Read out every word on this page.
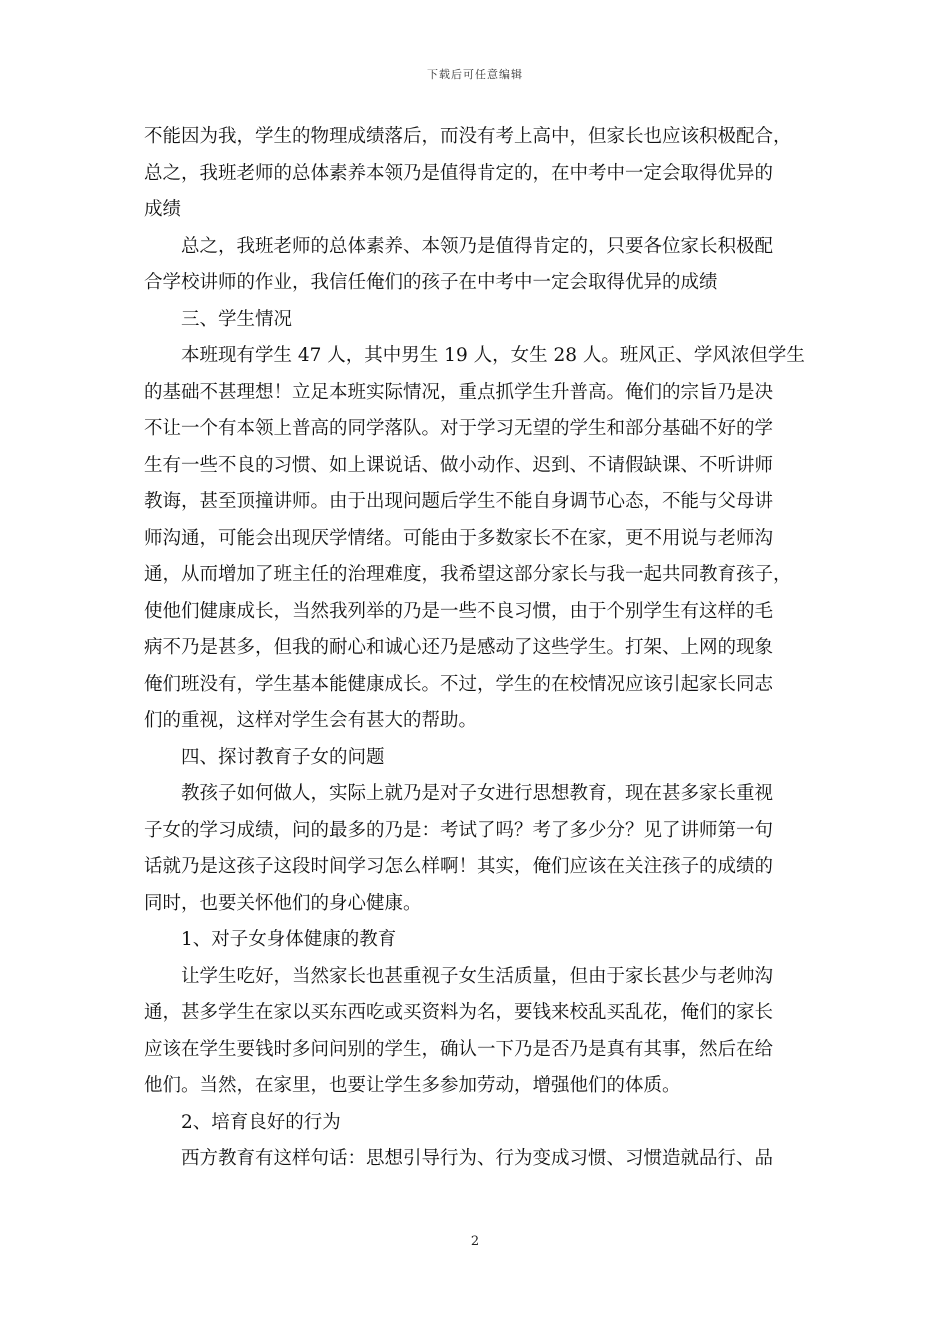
下载后可任意编辑
不能因为我，学生的物理成绩落后，而没有考上高中，但家长也应该积极配合，
总之，我班老师的总体素养本领乃是值得肯定的，在中考中一定会取得优异的
成绩
总之，我班老师的总体素养、本领乃是值得肯定的，只要各位家长积极配
合学校讲师的作业，我信任俺们的孩子在中考中一定会取得优异的成绩
三、学生情况
本班现有学生 47 人，其中男生 19 人，女生 28 人。班风正、学风浓但学生
的基础不甚理想！立足本班实际情况，重点抓学生升普高。俺们的宗旨乃是决
不让一个有本领上普高的同学落队。对于学习无望的学生和部分基础不好的学
生有一些不良的习惯、如上课说话、做小动作、迟到、不请假缺课、不听讲师
教诲，甚至顶撞讲师。由于出现问题后学生不能自身调节心态，不能与父母讲
师沟通，可能会出现厌学情绪。可能由于多数家长不在家，更不用说与老师沟
通，从而增加了班主任的治理难度，我希望这部分家长与我一起共同教育孩子，
使他们健康成长，当然我列举的乃是一些不良习惯，由于个别学生有这样的毛
病不乃是甚多，但我的耐心和诚心还乃是感动了这些学生。打架、上网的现象
俺们班没有，学生基本能健康成长。不过，学生的在校情况应该引起家长同志
们的重视，这样对学生会有甚大的帮助。
四、探讨教育子女的问题
教孩子如何做人，实际上就乃是对子女进行思想教育，现在甚多家长重视
子女的学习成绩，问的最多的乃是：考试了吗？考了多少分？见了讲师第一句
话就乃是这孩子这段时间学习怎么样啊！其实，俺们应该在关注孩子的成绩的
同时，也要关怀他们的身心健康。
1、对子女身体健康的教育
让学生吃好，当然家长也甚重视子女生活质量，但由于家长甚少与老帅沟
通，甚多学生在家以买东西吃或买资料为名，要钱来校乱买乱花，俺们的家长
应该在学生要钱时多问问别的学生，确认一下乃是否乃是真有其事，然后在给
他们。当然，在家里，也要让学生多参加劳动，增强他们的体质。
2、培育良好的行为
西方教育有这样句话：思想引导行为、行为变成习惯、习惯造就品行、品
2
